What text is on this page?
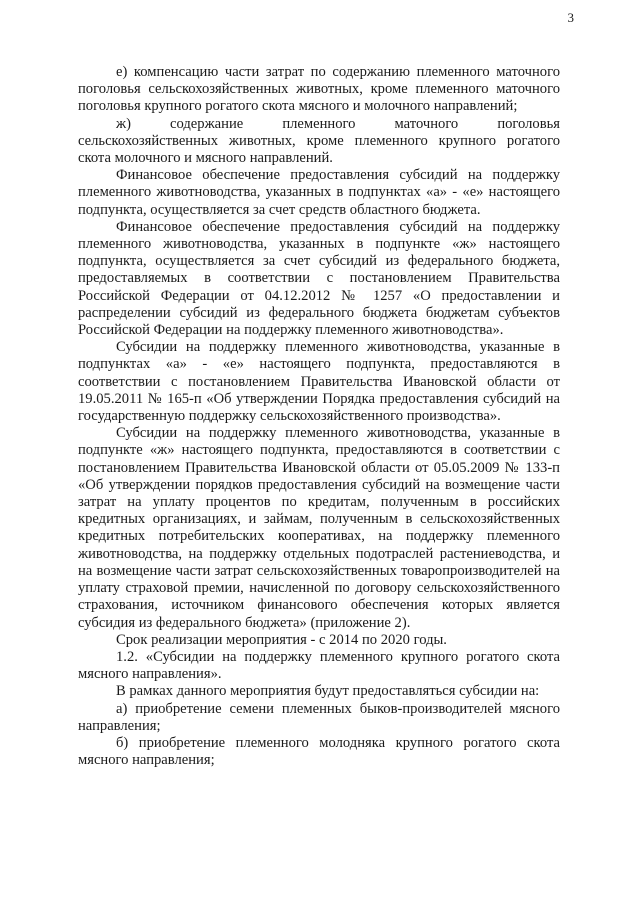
3

е) компенсацию части затрат по содержанию племенного маточного поголовья сельскохозяйственных животных, кроме племенного маточного поголовья крупного рогатого скота мясного и молочного направлений;

ж) содержание племенного маточного поголовья сельскохозяйственных животных, кроме племенного крупного рогатого скота молочного и мясного направлений.

Финансовое обеспечение предоставления субсидий на поддержку племенного животноводства, указанных в подпунктах «а» - «е» настоящего подпункта, осуществляется за счет средств областного бюджета.

Финансовое обеспечение предоставления субсидий на поддержку племенного животноводства, указанных в подпункте «ж» настоящего подпункта, осуществляется за счет субсидий из федерального бюджета, предоставляемых в соответствии с постановлением Правительства Российской Федерации от 04.12.2012 № 1257 «О предоставлении и распределении субсидий из федерального бюджета бюджетам субъектов Российской Федерации на поддержку племенного животноводства».

Субсидии на поддержку племенного животноводства, указанные в подпунктах «а» - «е» настоящего подпункта, предоставляются в соответствии с постановлением Правительства Ивановской области от 19.05.2011 № 165-п «Об утверждении Порядка предоставления субсидий на государственную поддержку сельскохозяйственного производства».

Субсидии на поддержку племенного животноводства, указанные в подпункте «ж» настоящего подпункта, предоставляются в соответствии с постановлением Правительства Ивановской области от 05.05.2009 № 133-п «Об утверждении порядков предоставления субсидий на возмещение части затрат на уплату процентов по кредитам, полученным в российских кредитных организациях, и займам, полученным в сельскохозяйственных кредитных потребительских кооперативах, на поддержку племенного животноводства, на поддержку отдельных подотраслей растениеводства, и на возмещение части затрат сельскохозяйственных товаропроизводителей на уплату страховой премии, начисленной по договору сельскохозяйственного страхования, источником финансового обеспечения которых является субсидия из федерального бюджета» (приложение 2).

Срок реализации мероприятия - с 2014 по 2020 годы.

1.2. «Субсидии на поддержку племенного крупного рогатого скота мясного направления».

В рамках данного мероприятия будут предоставляться субсидии на:

а) приобретение семени племенных быков-производителей мясного направления;

б) приобретение племенного молодняка крупного рогатого скота мясного направления;
